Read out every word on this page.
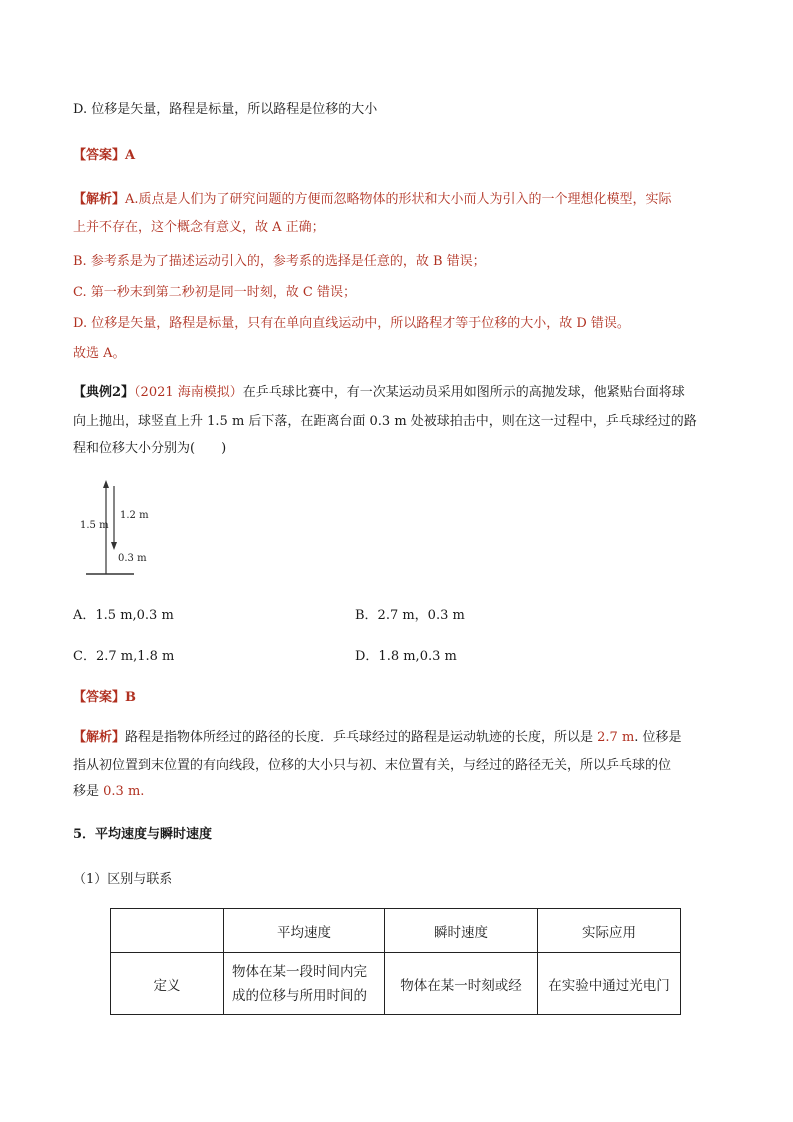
D. 位移是矢量，路程是标量，所以路程是位移的大小
【答案】A
【解析】A.质点是人们为了研究问题的方便而忽略物体的形状和大小而人为引入的一个理想化模型，实际
上并不存在，这个概念有意义，故 A 正确；
B. 参考系是为了描述运动引入的，参考系的选择是任意的，故 B 错误；
C. 第一秒末到第二秒初是同一时刻，故 C 错误；
D. 位移是矢量，路程是标量，只有在单向直线运动中，所以路程才等于位移的大小，故 D 错误。
故选 A。
【典例2】（2021 海南模拟）在乒乓球比赛中，有一次某运动员采用如图所示的高抛发球，他紧贴台面将球
向上抛出，球竖直上升 1.5 m 后下落，在距离台面 0.3 m 处被球拍击中，则在这一过程中，乒乓球经过的路
程和位移大小分别为(　　)
1.5 m
1.2 m
0.3 m
A．1.5 m,0.3 m	B．2.7 m，0.3 m
C．2.7 m,1.8 m	D．1.8 m,0.3 m
【答案】B
【解析】路程是指物体所经过的路径的长度．乒乓球经过的路程是运动轨迹的长度，所以是 2.7 m. 位移是
指从初位置到末位置的有向线段，位移的大小只与初、末位置有关，与经过的路径无关，所以乒乓球的位
移是 0.3 m.
5．平均速度与瞬时速度
（1）区别与联系
	平均速度	瞬时速度	实际应用
定义	物体在某一段时间内完
成的位移与所用时间的	物体在某一时刻或经	在实验中通过光电门
